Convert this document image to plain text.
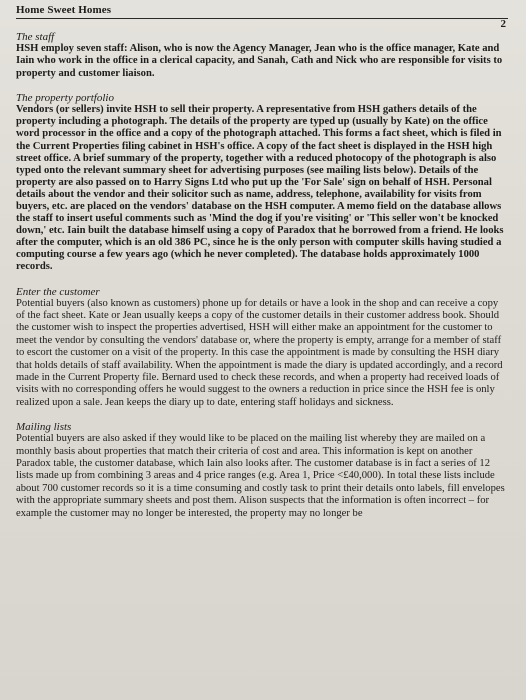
Home Sweet Homes
2
The staff
HSH employ seven staff: Alison, who is now the Agency Manager, Jean who is the office manager, Kate and Iain who work in the office in a clerical capacity, and Sanah, Cath and Nick who are responsible for visits to property and customer liaison.
The property portfolio
Vendors (or sellers) invite HSH to sell their property. A representative from HSH gathers details of the property including a photograph. The details of the property are typed up (usually by Kate) on the office word processor in the office and a copy of the photograph attached. This forms a fact sheet, which is filed in the Current Properties filing cabinet in HSH's office. A copy of the fact sheet is displayed in the HSH high street office. A brief summary of the property, together with a reduced photocopy of the photograph is also typed onto the relevant summary sheet for advertising purposes (see mailing lists below). Details of the property are also passed on to Harry Signs Ltd who put up the 'For Sale' sign on behalf of HSH. Personal details about the vendor and their solicitor such as name, address, telephone, availability for visits from buyers, etc. are placed on the vendors' database on the HSH computer. A memo field on the database allows the staff to insert useful comments such as 'Mind the dog if you're visiting' or 'This seller won't be knocked down,' etc. Iain built the database himself using a copy of Paradox that he borrowed from a friend. He looks after the computer, which is an old 386 PC, since he is the only person with computer skills having studied a computing course a few years ago (which he never completed). The database holds approximately 1000 records.
Enter the customer
Potential buyers (also known as customers) phone up for details or have a look in the shop and can receive a copy of the fact sheet. Kate or Jean usually keeps a copy of the customer details in their customer address book. Should the customer wish to inspect the properties advertised, HSH will either make an appointment for the customer to meet the vendor by consulting the vendors' database or, where the property is empty, arrange for a member of staff to escort the customer on a visit of the property. In this case the appointment is made by consulting the HSH diary that holds details of staff availability. When the appointment is made the diary is updated accordingly, and a record made in the Current Property file. Bernard used to check these records, and when a property had received loads of visits with no corresponding offers he would suggest to the owners a reduction in price since the HSH fee is only realized upon a sale. Jean keeps the diary up to date, entering staff holidays and sickness.
Mailing lists
Potential buyers are also asked if they would like to be placed on the mailing list whereby they are mailed on a monthly basis about properties that match their criteria of cost and area. This information is kept on another Paradox table, the customer database, which Iain also looks after. The customer database is in fact a series of 12 lists made up from combining 3 areas and 4 price ranges (e.g. Area 1, Price <£40,000). In total these lists include about 700 customer records so it is a time consuming and costly task to print their details onto labels, fill envelopes with the appropriate summary sheets and post them. Alison suspects that the information is often incorrect – for example the customer may no longer be interested, the property may no longer be
